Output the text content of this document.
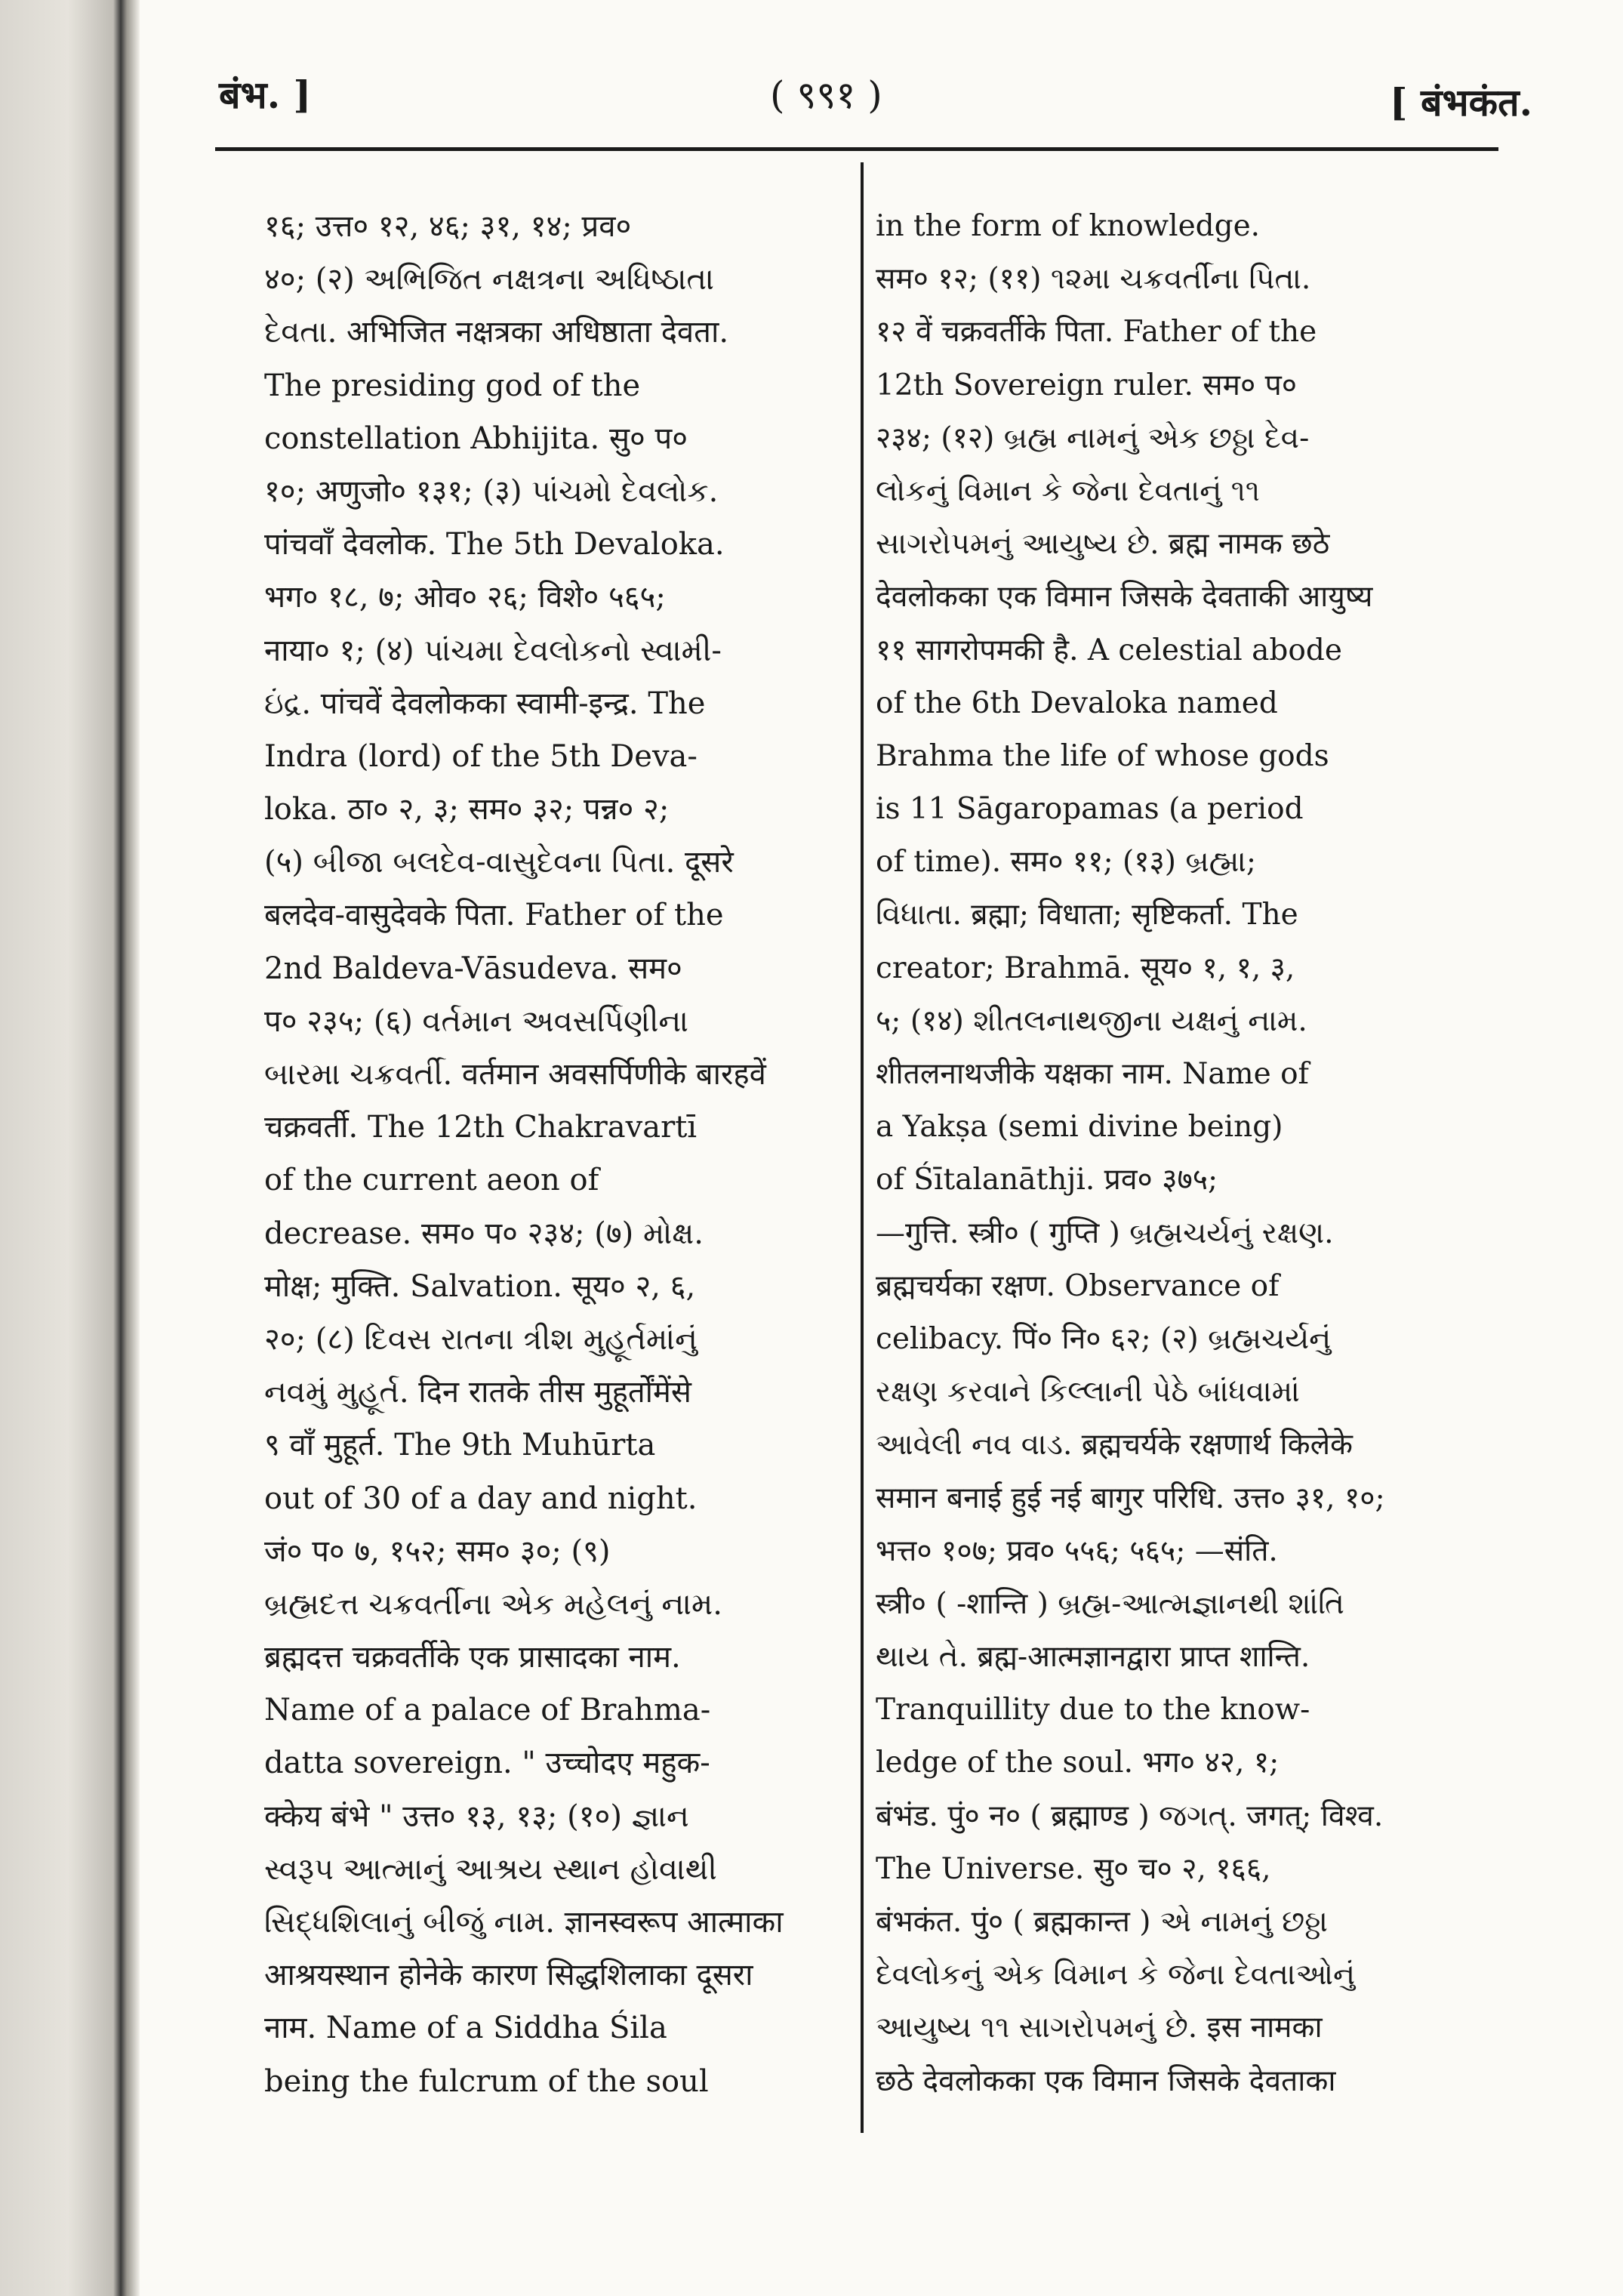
बंभ. ]	( ९९१ )	[ बंभकंत.
१६; उत्त० १२, ४६; ३१, १४; प्रव०
४०; (२) અભિજિત નક્ષત્રના અધિષ્ઠાતા
દેવતા. अभिजित नक्षत्रका अधिष्ठाता देवता.
The presiding god of the
constellation Abhijita. सु० प०
१०; अणुजो० १३१; (३) પાંચમો દેવલોક.
पांचवाँ देवलोक. The 5th Devaloka.
भग० १८, ७; ओव० २६; विशे० ५६५;
नाया० १; (४) પાંચમા દેવલોકનો સ્વામી-
ઇંદ્ર. पांचवें देवलोकका स्वामी-इन्द्र. The
Indra (lord) of the 5th Deva-
loka. ठा० २, ३; सम० ३२; पन्न० २;
(५) બીજા બલદેવ-વાસુદેવના પિતા. दूसरे
बलदेव-वासुदेवके पिता. Father of the
2nd Baldeva-Vāsudeva. सम०
प० २३५; (६) વર્તમાન અવસર્પિણીના
બારમા ચક્રવર્તી. वर्तमान अवसर्पिणीके बारहवें
चक्रवर्ती. The 12th Chakravartī
of the current aeon of
decrease. सम० प० २३४; (७) મોક્ષ.
मोक्ष; मुक्ति. Salvation. सूय० २, ६,
२०; (८) દિવસ રાતના ત્રીશ મુહૂર્તમાંનું
નવમું મુહૂર્ત. दिन रातके तीस मुहूर्तोंमेंसे
९ वाँ मुहूर्त. The 9th Muhūrta
out of 30 of a day and night.
जं० प० ७, १५२; सम० ३०; (९)
બ્રહ્મદત્ત ચક્રવર્તીના એક મહેલનું નામ.
ब्रह्मदत्त चक्रवर्तीके एक प्रासादका नाम.
Name of a palace of Brahma-
datta sovereign. " उच्चोदए महुक-
क्केय बंभे " उत्त० १३, १३; (१०) જ્ઞાન
સ્વરૂપ આત્માનું આશ્રય સ્થાન હોવાથી
સિદ્ધશિલાનું બીજું નામ. ज्ञानस्वरूप आत्माका
आश्रयस्थान होनेके कारण सिद्धशिलाका दूसरा
नाम. Name of a Siddha Śila
being the fulcrum of the soul
in the form of knowledge.
सम० १२; (११) ૧૨મા ચક્રવર્તીના પિતા.
१२ वें चक्रवर्तीके पिता. Father of the
12th Sovereign ruler. सम० प०
२३४; (१२) બ્રહ્મ નામનું એક છઠ્ઠા દેવ-
લોકનું વિમાન કે જેના દેવતાનું ૧૧
સાગરોપમનું આયુષ્ય છે. ब्रह्म नामक छठे
देवलोकका एक विमान जिसके देवताकी आयुष्य
११ सागरोपमकी है. A celestial abode
of the 6th Devaloka named
Brahma the life of whose gods
is 11 Sāgaropamas (a period
of time). सम० ११; (१३) બ્રહ્મા;
વિધાતા. ब्रह्मा; विधाता; सृष्टिकर्ता. The
creator; Brahmā. सूय० १, १, ३,
५; (१४) શીતલનાથજીના યક્ષનું નામ.
शीतलनाथजीके यक्षका नाम. Name of
a Yakṣa (semi divine being)
of Śītalanāthji. प्रव० ३७५;
—गुत्ति. स्त्री० ( गुप्ति ) બ્રહ્મચર્યનું રક્ષણ.
ब्रह्मचर्यका रक्षण. Observance of
celibacy. पिं० नि० ६२; (२) બ્રહ્મચર્યનું
રક્ષણ કરવાને કિલ્લાની પેઠે બાંધવામાં
આવેલી નવ વાડ. ब्रह्मचर्यके रक्षणार्थ किलेके
समान बनाई हुई नई बागुर परिधि. उत्त० ३१, १०;
भत्त० १०७; प्रव० ५५६; ५६५; —संति.
स्त्री० ( -शान्ति ) બ્રહ્મ-આત્મજ્ઞાનથી શાંતિ
થાય તે. ब्रह्म-आत्मज्ञानद्वारा प्राप्त शान्ति.
Tranquillity due to the know-
ledge of the soul. भग० ४२, १;
बंभंड. पुं० न० ( ब्रह्माण्ड ) જગત્. जगत्; विश्व.
The Universe. सु० च० २, १६६,
बंभकंत. पुं० ( ब्रह्मकान्त ) એ નામનું છઠ્ઠા
દેવલોકનું એક વિમાન કે જેના દેવતાઓનું
આયુષ્ય ૧૧ સાગરોપમનું છે. इस नामका
छठे देवलोकका एक विमान जिसके देवताका
